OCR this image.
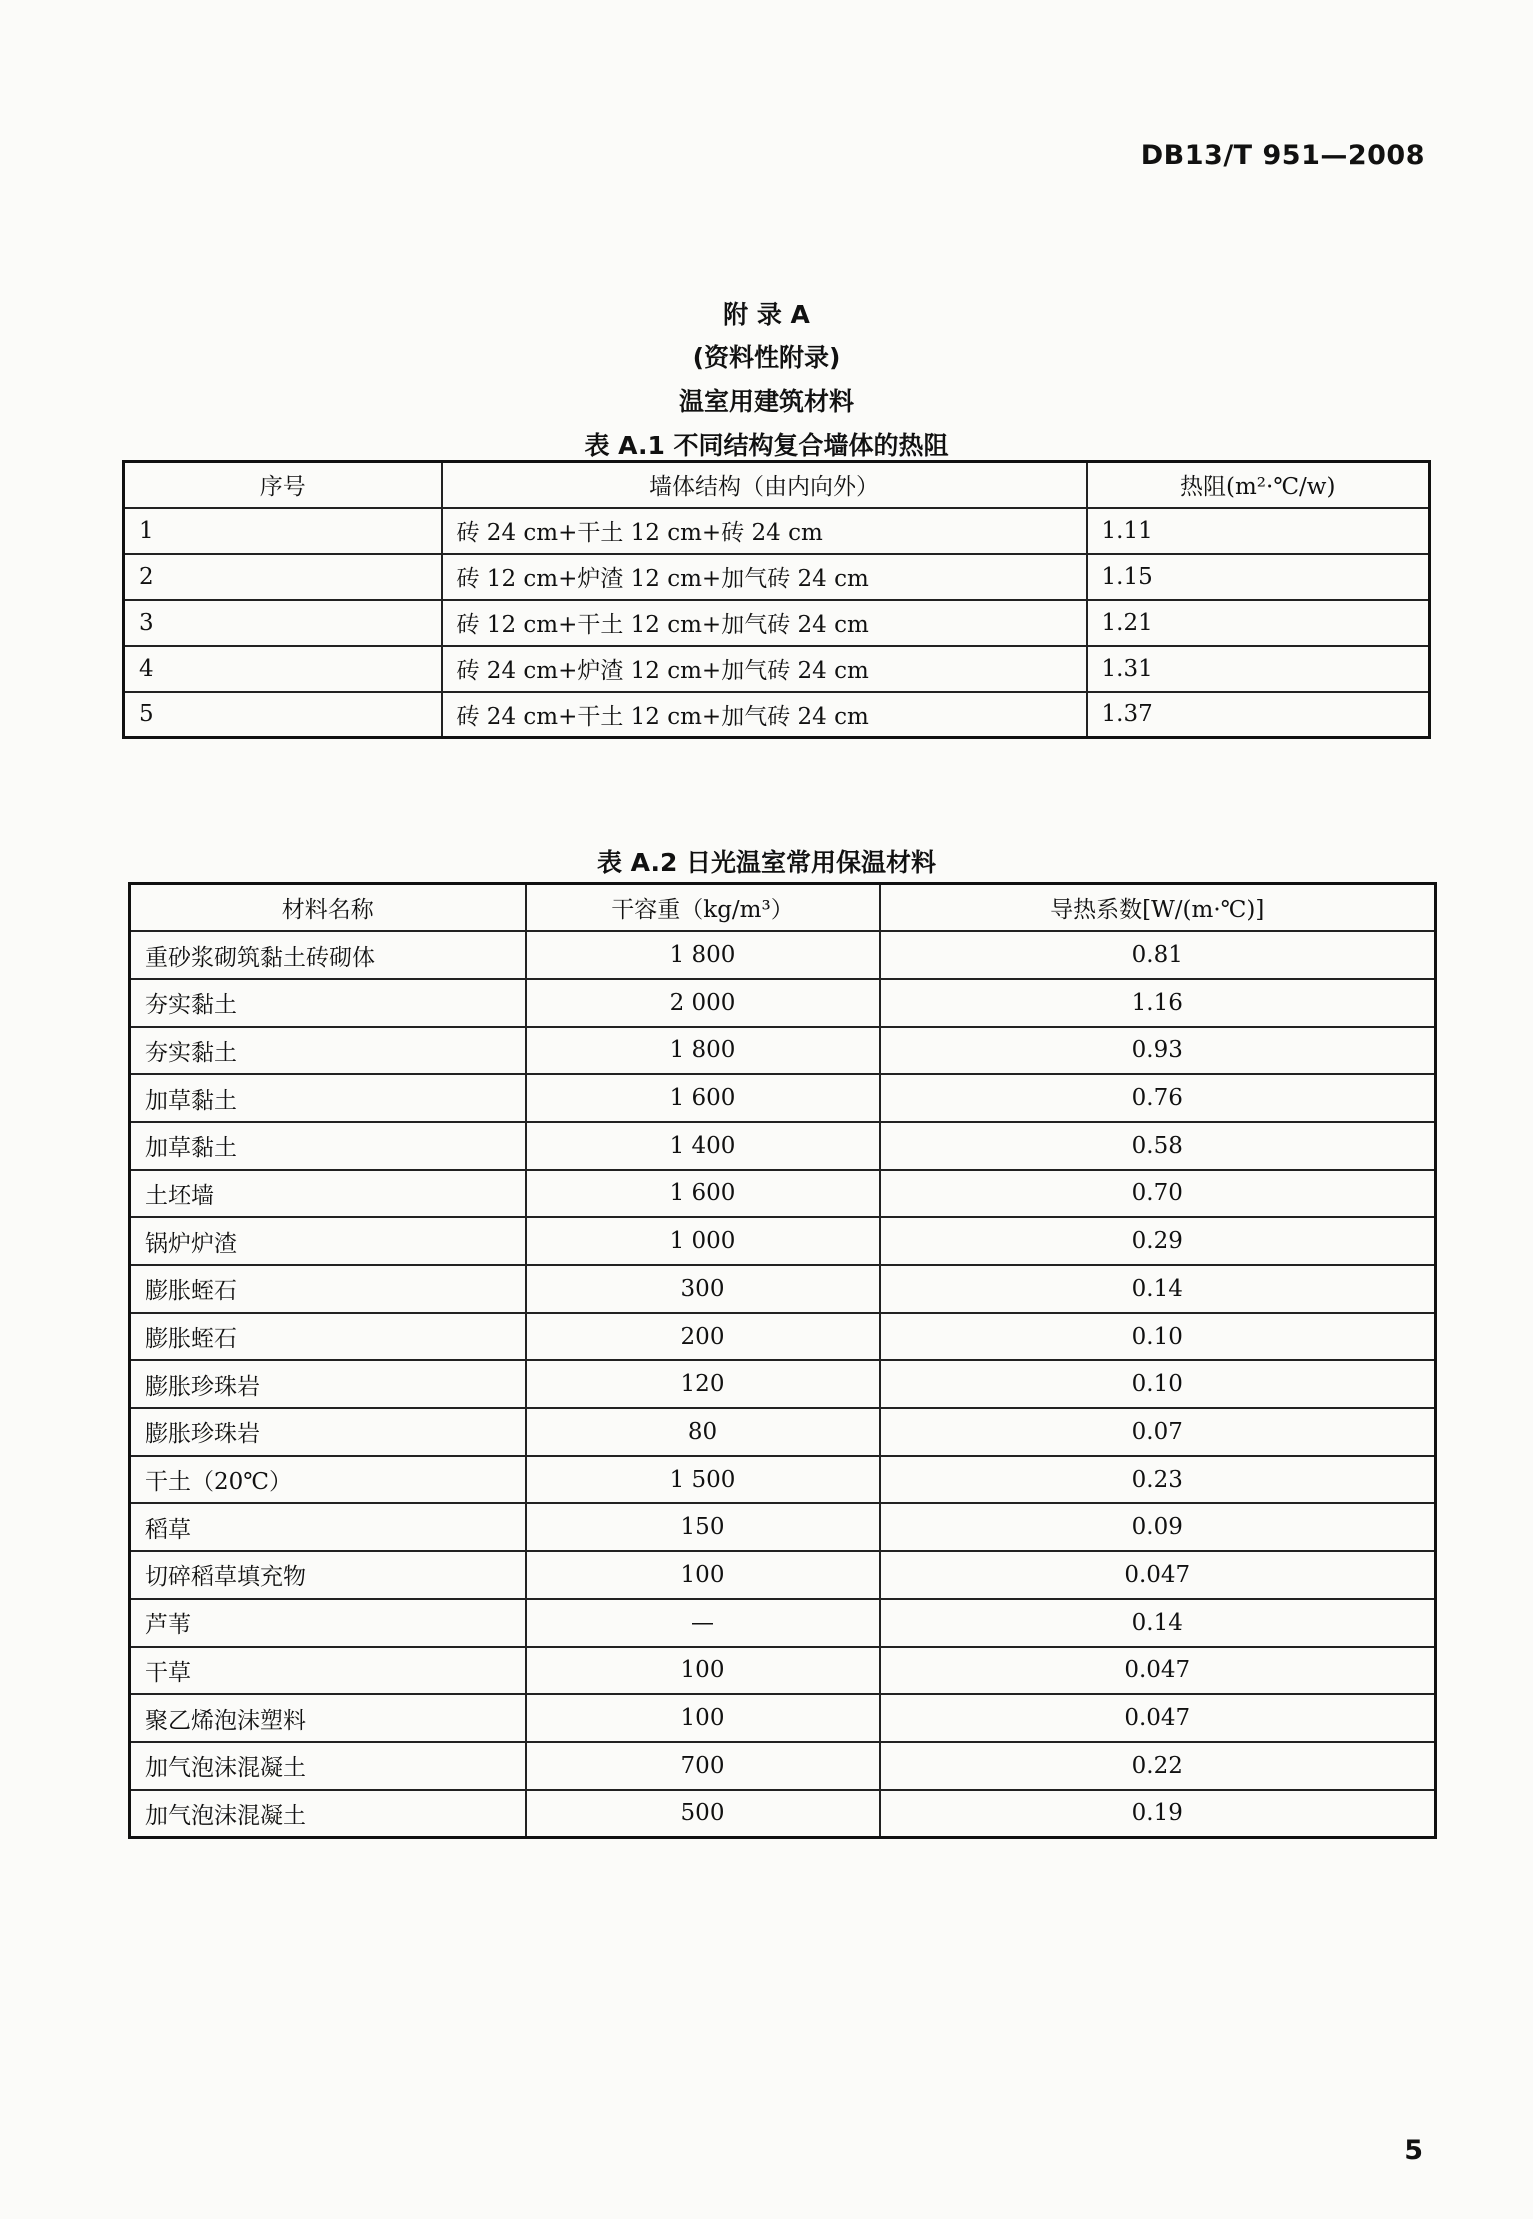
DB13/T 951—2008
附 录 A
(资料性附录)
温室用建筑材料
表 A.1 不同结构复合墙体的热阻
序号	墙体结构（由内向外）	热阻(m²·℃/w)
1	砖 24 cm+干土 12 cm+砖 24 cm	1.11
2	砖 12 cm+炉渣 12 cm+加气砖 24 cm	1.15
3	砖 12 cm+干土 12 cm+加气砖 24 cm	1.21
4	砖 24 cm+炉渣 12 cm+加气砖 24 cm	1.31
5	砖 24 cm+干土 12 cm+加气砖 24 cm	1.37
表 A.2 日光温室常用保温材料
材料名称	干容重（kg/m³）	导热系数[W/(m·℃)]
重砂浆砌筑黏土砖砌体	1 800	0.81
夯实黏土	2 000	1.16
夯实黏土	1 800	0.93
加草黏土	1 600	0.76
加草黏土	1 400	0.58
土坯墙	1 600	0.70
锅炉炉渣	1 000	0.29
膨胀蛭石	300	0.14
膨胀蛭石	200	0.10
膨胀珍珠岩	120	0.10
膨胀珍珠岩	80	0.07
干土（20℃）	1 500	0.23
稻草	150	0.09
切碎稻草填充物	100	0.047
芦苇	—	0.14
干草	100	0.047
聚乙烯泡沫塑料	100	0.047
加气泡沫混凝土	700	0.22
加气泡沫混凝土	500	0.19
5
